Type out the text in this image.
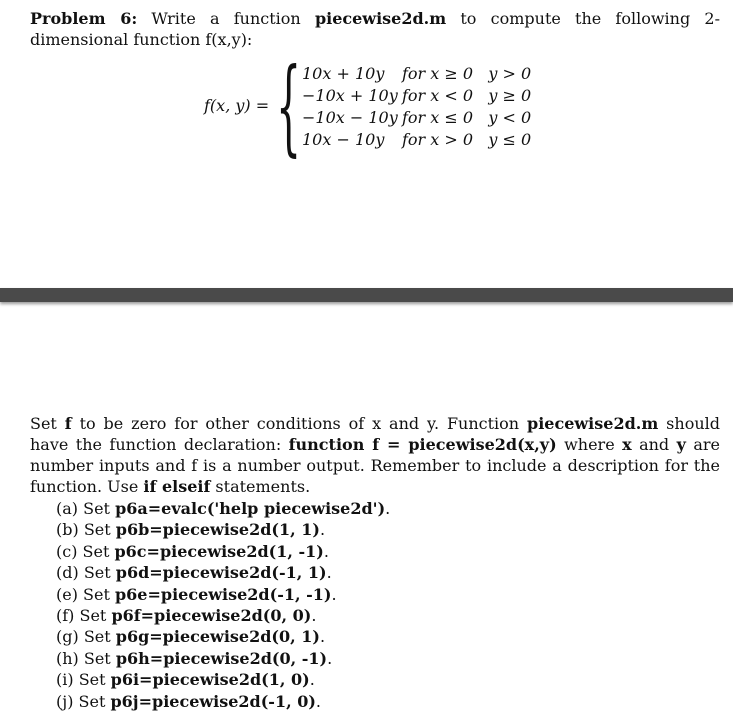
Problem 6: Write a function piecewise2d.m to compute the following 2-dimensional function f(x,y):
f(x, y) = { 10x + 10y	for x ≥ 0   y > 0
−10x + 10y for x < 0   y ≥ 0
−10x − 10y for x ≤ 0   y < 0
10x − 10y	for x > 0   y ≤ 0
Set f to be zero for other conditions of x and y. Function piecewise2d.m should have the function declaration: function f = piecewise2d(x,y) where x and y are number inputs and f is a number output. Remember to include a description for the function. Use if elseif statements.
(a) Set p6a=evalc('help piecewise2d').
(b) Set p6b=piecewise2d(1, 1).
(c) Set p6c=piecewise2d(1, -1).
(d) Set p6d=piecewise2d(-1, 1).
(e) Set p6e=piecewise2d(-1, -1).
(f) Set p6f=piecewise2d(0, 0).
(g) Set p6g=piecewise2d(0, 1).
(h) Set p6h=piecewise2d(0, -1).
(i) Set p6i=piecewise2d(1, 0).
(j) Set p6j=piecewise2d(-1, 0).
